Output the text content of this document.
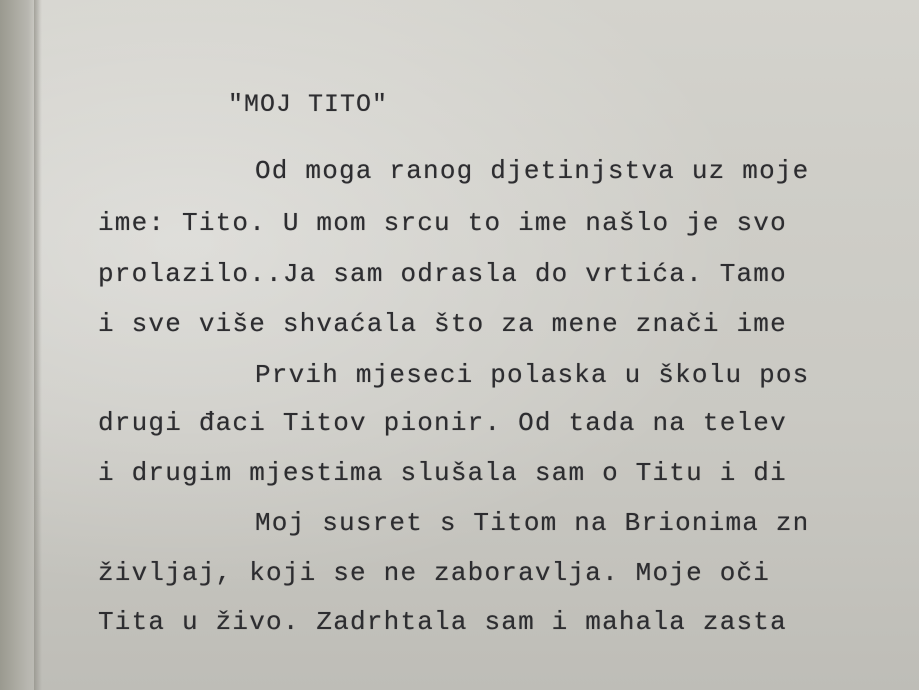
"MOJ TITO"
Od moga ranog djetinjstva uz moje
ime: Tito. U mom srcu to ime našlo je svo
prolazilo..Ja sam odrasla do vrtića. Tamo
i sve više shvaćala što za mene znači ime
Prvih mjeseci polaska u školu pos
drugi đaci Titov pionir. Od tada na telev
i drugim mjestima slušala sam o Titu i di
Moj susret s Titom na Brionima zn
življaj, koji se ne zaboravlja. Moje oči
Tita u živo. Zadrhtala sam i mahala zasta
